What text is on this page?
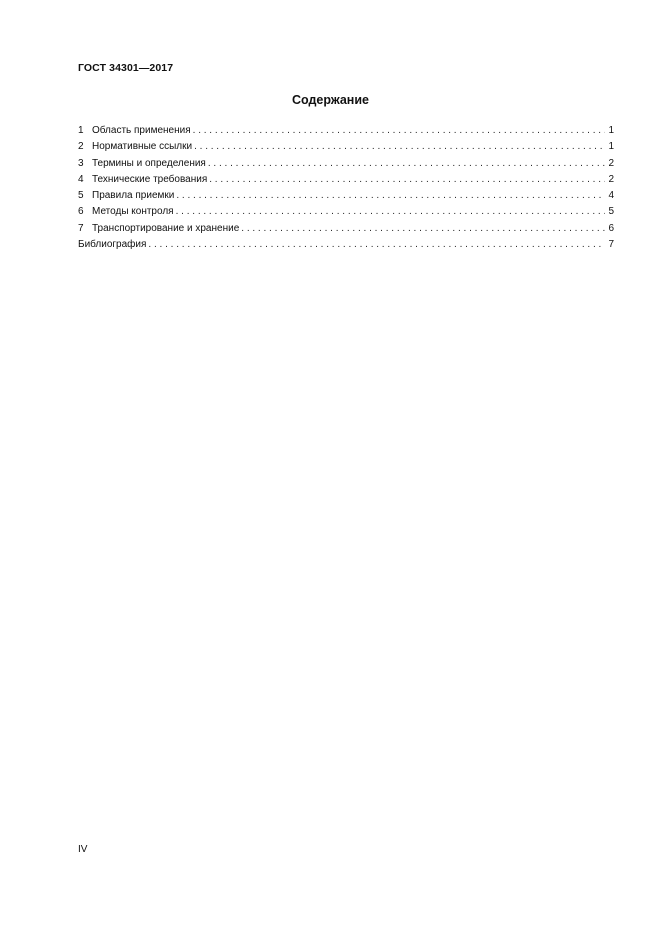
ГОСТ 34301—2017
Содержание
1 Область применения . . .	1
2 Нормативные ссылки . . .	1
3 Термины и определения . . .	2
4 Технические требования . . .	2
5 Правила приемки . . .	4
6 Методы контроля . . .	5
7 Транспортирование и хранение . . .	6
Библиография . . .	7
IV
